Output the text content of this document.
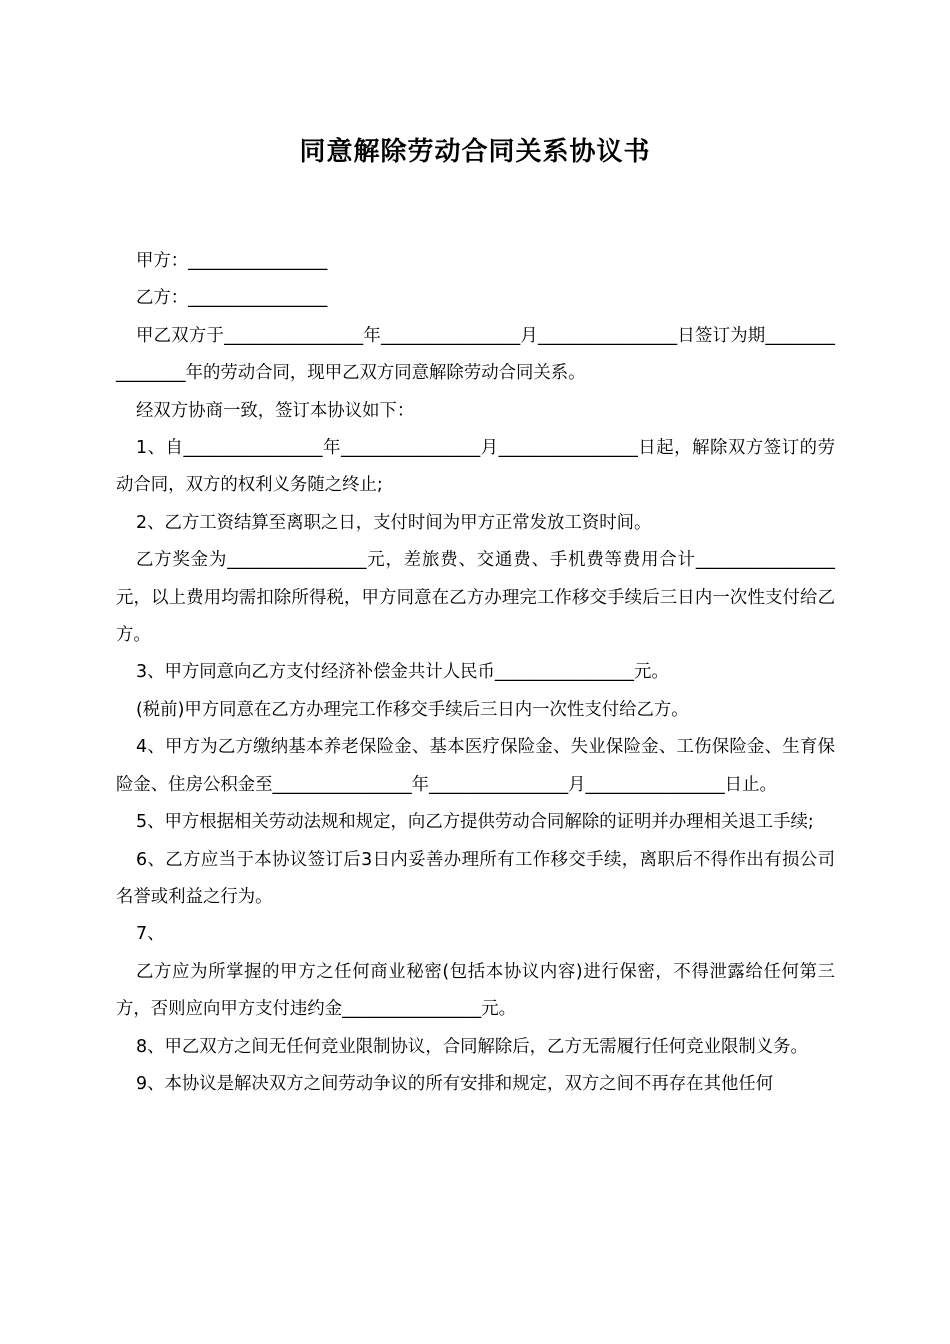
同意解除劳动合同关系协议书

甲方：________________

乙方：________________

甲乙双方于________________年________________月________________日签订为期________________年的劳动合同，现甲乙双方同意解除劳动合同关系。

经双方协商一致，签订本协议如下：

1、自________________年________________月________________日起，解除双方签订的劳动合同，双方的权利义务随之终止;

2、乙方工资结算至离职之日，支付时间为甲方正常发放工资时间。

乙方奖金为________________元，差旅费、交通费、手机费等费用合计________________元，以上费用均需扣除所得税，甲方同意在乙方办理完工作移交手续后三日内一次性支付给乙方。

3、甲方同意向乙方支付经济补偿金共计人民币________________元。

(税前)甲方同意在乙方办理完工作移交手续后三日内一次性支付给乙方。

4、甲方为乙方缴纳基本养老保险金、基本医疗保险金、失业保险金、工伤保险金、生育保险金、住房公积金至________________年________________月________________日止。

5、甲方根据相关劳动法规和规定，向乙方提供劳动合同解除的证明并办理相关退工手续;

6、乙方应当于本协议签订后3日内妥善办理所有工作移交手续，离职后不得作出有损公司名誉或利益之行为。

7、

乙方应为所掌握的甲方之任何商业秘密(包括本协议内容)进行保密，不得泄露给任何第三方，否则应向甲方支付违约金________________元。

8、甲乙双方之间无任何竞业限制协议，合同解除后，乙方无需履行任何竞业限制义务。

9、本协议是解决双方之间劳动争议的所有安排和规定，双方之间不再存在其他任何
